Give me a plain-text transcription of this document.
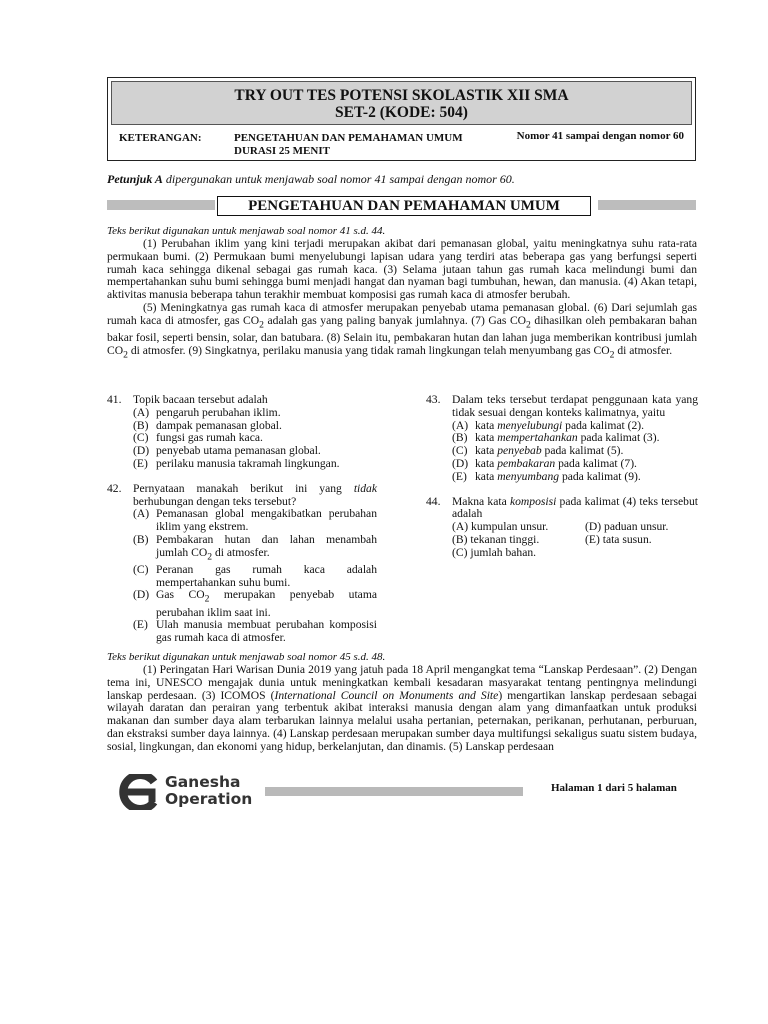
TRY OUT TES POTENSI SKOLASTIK XII SMA
SET-2 (KODE: 504)
KETERANGAN:	PENGETAHUAN DAN PEMAHAMAN UMUM
DURASI 25 MENIT
Nomor 41 sampai dengan nomor 60
Petunjuk A dipergunakan untuk menjawab soal nomor 41 sampai dengan nomor 60.
PENGETAHUAN DAN PEMAHAMAN UMUM
Teks berikut digunakan untuk menjawab soal nomor 41 s.d. 44.

(1) Perubahan iklim yang kini terjadi merupakan akibat dari pemanasan global, yaitu meningkatnya suhu rata-rata permukaan bumi. (2) Permukaan bumi menyelubungi lapisan udara yang terdiri atas beberapa gas yang berfungsi seperti rumah kaca sehingga dikenal sebagai gas rumah kaca. (3) Selama jutaan tahun gas rumah kaca melindungi bumi dan mempertahankan suhu bumi sehingga bumi menjadi hangat dan nyaman bagi tumbuhan, hewan, dan manusia. (4) Akan tetapi, aktivitas manusia beberapa tahun terakhir membuat komposisi gas rumah kaca di atmosfer berubah.

(5) Meningkatnya gas rumah kaca di atmosfer merupakan penyebab utama pemanasan global. (6) Dari sejumlah gas rumah kaca di atmosfer, gas $CO_2$ adalah gas yang paling banyak jumlahnya. (7) Gas $CO_2$ dihasilkan oleh pembakaran bahan bakar fosil, seperti bensin, solar, dan batubara. (8) Selain itu, pembakaran hutan dan lahan juga memberikan kontribusi jumlah $CO_2$ di atmosfer. (9) Singkatnya, perilaku manusia yang tidak ramah lingkungan telah menyumbang gas $CO_2$ di atmosfer.

41. Topik bacaan tersebut adalah
(A) pengaruh perubahan iklim.
(B) dampak pemanasan global.
(C) fungsi gas rumah kaca.
(D) penyebab utama pemanasan global.
(E) perilaku manusia takramah lingkungan.
42. Pernyataan manakah berikut ini yang tidak berhubungan dengan teks tersebut?
(A) Pemanasan global mengakibatkan perubahan iklim yang ekstrem.
(B) Pembakaran hutan dan lahan menambah jumlah $CO_2$ di atmosfer.
(C) Peranan gas rumah kaca adalah mempertahankan suhu bumi.
(D) Gas $CO_2$ merupakan penyebab utama perubahan iklim saat ini.
(E) Ulah manusia membuat perubahan komposisi gas rumah kaca di atmosfer.
43. Dalam teks tersebut terdapat penggunaan kata yang tidak sesuai dengan konteks kalimatnya, yaitu
(A) kata menyelubungi pada kalimat (2).
(B) kata mempertahankan pada kalimat (3).
(C) kata penyebab pada kalimat (5).
(D) kata pembakaran pada kalimat (7).
(E) kata menyumbang pada kalimat (9).
44. Makna kata komposisi pada kalimat (4) teks tersebut adalah
(A) kumpulan unsur.	(D) paduan unsur.
(B) tekanan tinggi.	(E) tata susun.
(C) jumlah bahan.
Teks berikut digunakan untuk menjawab soal nomor 45 s.d. 48.

(1) Peringatan Hari Warisan Dunia 2019 yang jatuh pada 18 April mengangkat tema “Lanskap Perdesaan”. (2) Dengan tema ini, UNESCO mengajak dunia untuk meningkatkan kembali kesadaran masyarakat tentang pentingnya melindungi lanskap perdesaan. (3) ICOMOS (International Council on Monuments and Site) mengartikan lanskap perdesaan sebagai wilayah daratan dan perairan yang terbentuk akibat interaksi manusia dengan alam yang dimanfaatkan untuk produksi makanan dan sumber daya alam terbarukan lainnya melalui usaha pertanian, peternakan, perikanan, perhutanan, perburuan, dan ekstraksi sumber daya lainnya. (4) Lanskap perdesaan merupakan sumber daya multifungsi sekaligus suatu sistem budaya, sosial, lingkungan, dan ekonomi yang hidup, berkelanjutan, dan dinamis. (5) Lanskap perdesaan

Ganesha
Operation
Halaman 1 dari 5 halaman
